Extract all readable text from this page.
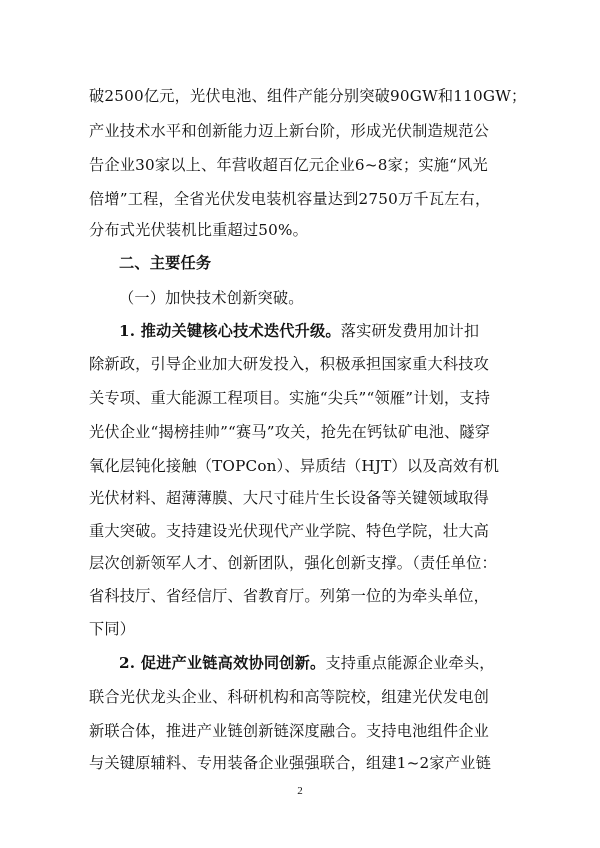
破2500亿元，光伏电池、组件产能分别突破90GW和110GW；
产业技术水平和创新能力迈上新台阶，形成光伏制造规范公
告企业30家以上、年营收超百亿元企业6~8家；实施“风光
倍增”工程，全省光伏发电装机容量达到2750万千瓦左右，
分布式光伏装机比重超过50%。
二、主要任务
（一）加快技术创新突破。
1. 推动关键核心技术迭代升级。落实研发费用加计扣
除新政，引导企业加大研发投入，积极承担国家重大科技攻
关专项、重大能源工程项目。实施“尖兵”“领雁”计划，支持
光伏企业“揭榜挂帅”“赛马”攻关，抢先在钙钛矿电池、隧穿
氧化层钝化接触（TOPCon）、异质结（HJT）以及高效有机
光伏材料、超薄薄膜、大尺寸硅片生长设备等关键领域取得
重大突破。支持建设光伏现代产业学院、特色学院，壮大高
层次创新领军人才、创新团队，强化创新支撑。（责任单位：
省科技厅、省经信厅、省教育厅。列第一位的为牵头单位，
下同）
2. 促进产业链高效协同创新。支持重点能源企业牵头，
联合光伏龙头企业、科研机构和高等院校，组建光伏发电创
新联合体，推进产业链创新链深度融合。支持电池组件企业
与关键原辅料、专用装备企业强强联合，组建1~2家产业链
2
